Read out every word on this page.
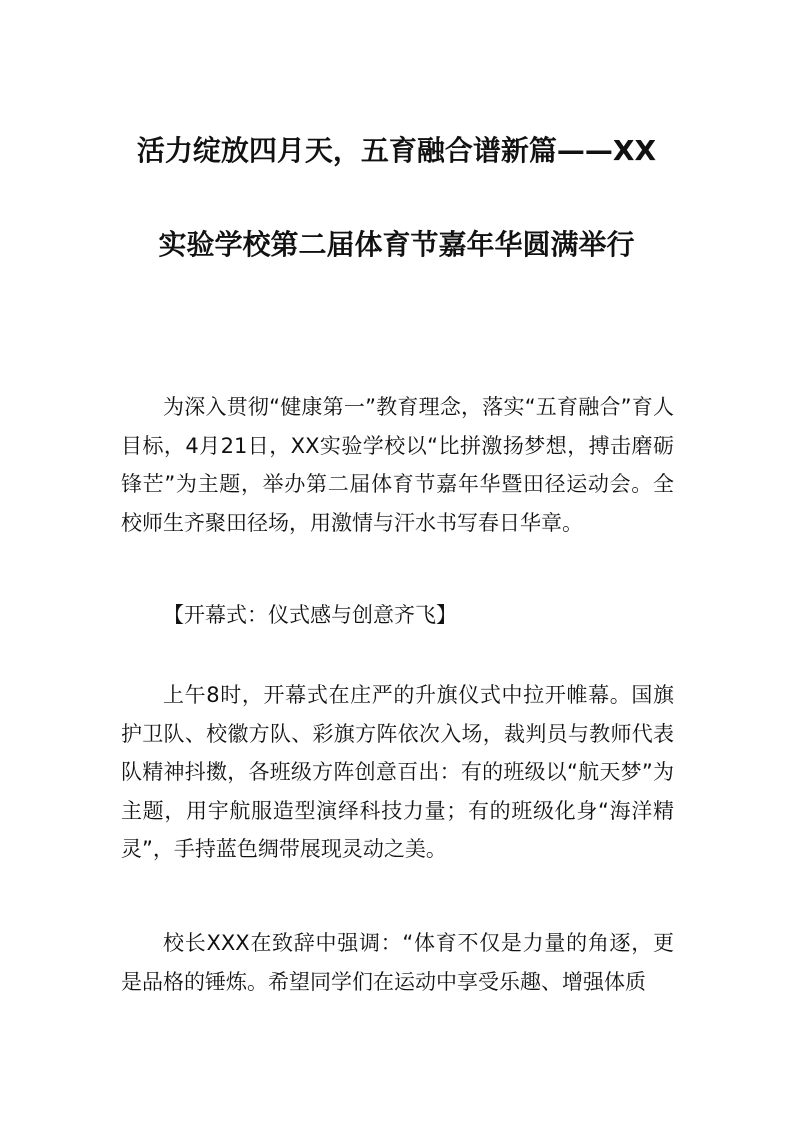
活力绽放四月天，五育融合谱新篇——XX
实验学校第二届体育节嘉年华圆满举行

为深入贯彻“健康第一”教育理念，落实“五育融合”育人目标，4月21日，XX实验学校以“比拼激扬梦想，搏击磨砺锋芒”为主题，举办第二届体育节嘉年华暨田径运动会。全校师生齐聚田径场，用激情与汗水书写春日华章。

【开幕式：仪式感与创意齐飞】

上午8时，开幕式在庄严的升旗仪式中拉开帷幕。国旗护卫队、校徽方队、彩旗方阵依次入场，裁判员与教师代表队精神抖擞，各班级方阵创意百出：有的班级以“航天梦”为主题，用宇航服造型演绎科技力量；有的班级化身“海洋精灵”，手持蓝色绸带展现灵动之美。

校长XXX在致辞中强调：“体育不仅是力量的角逐，更是品格的锤炼。希望同学们在运动中享受乐趣、增强体质
